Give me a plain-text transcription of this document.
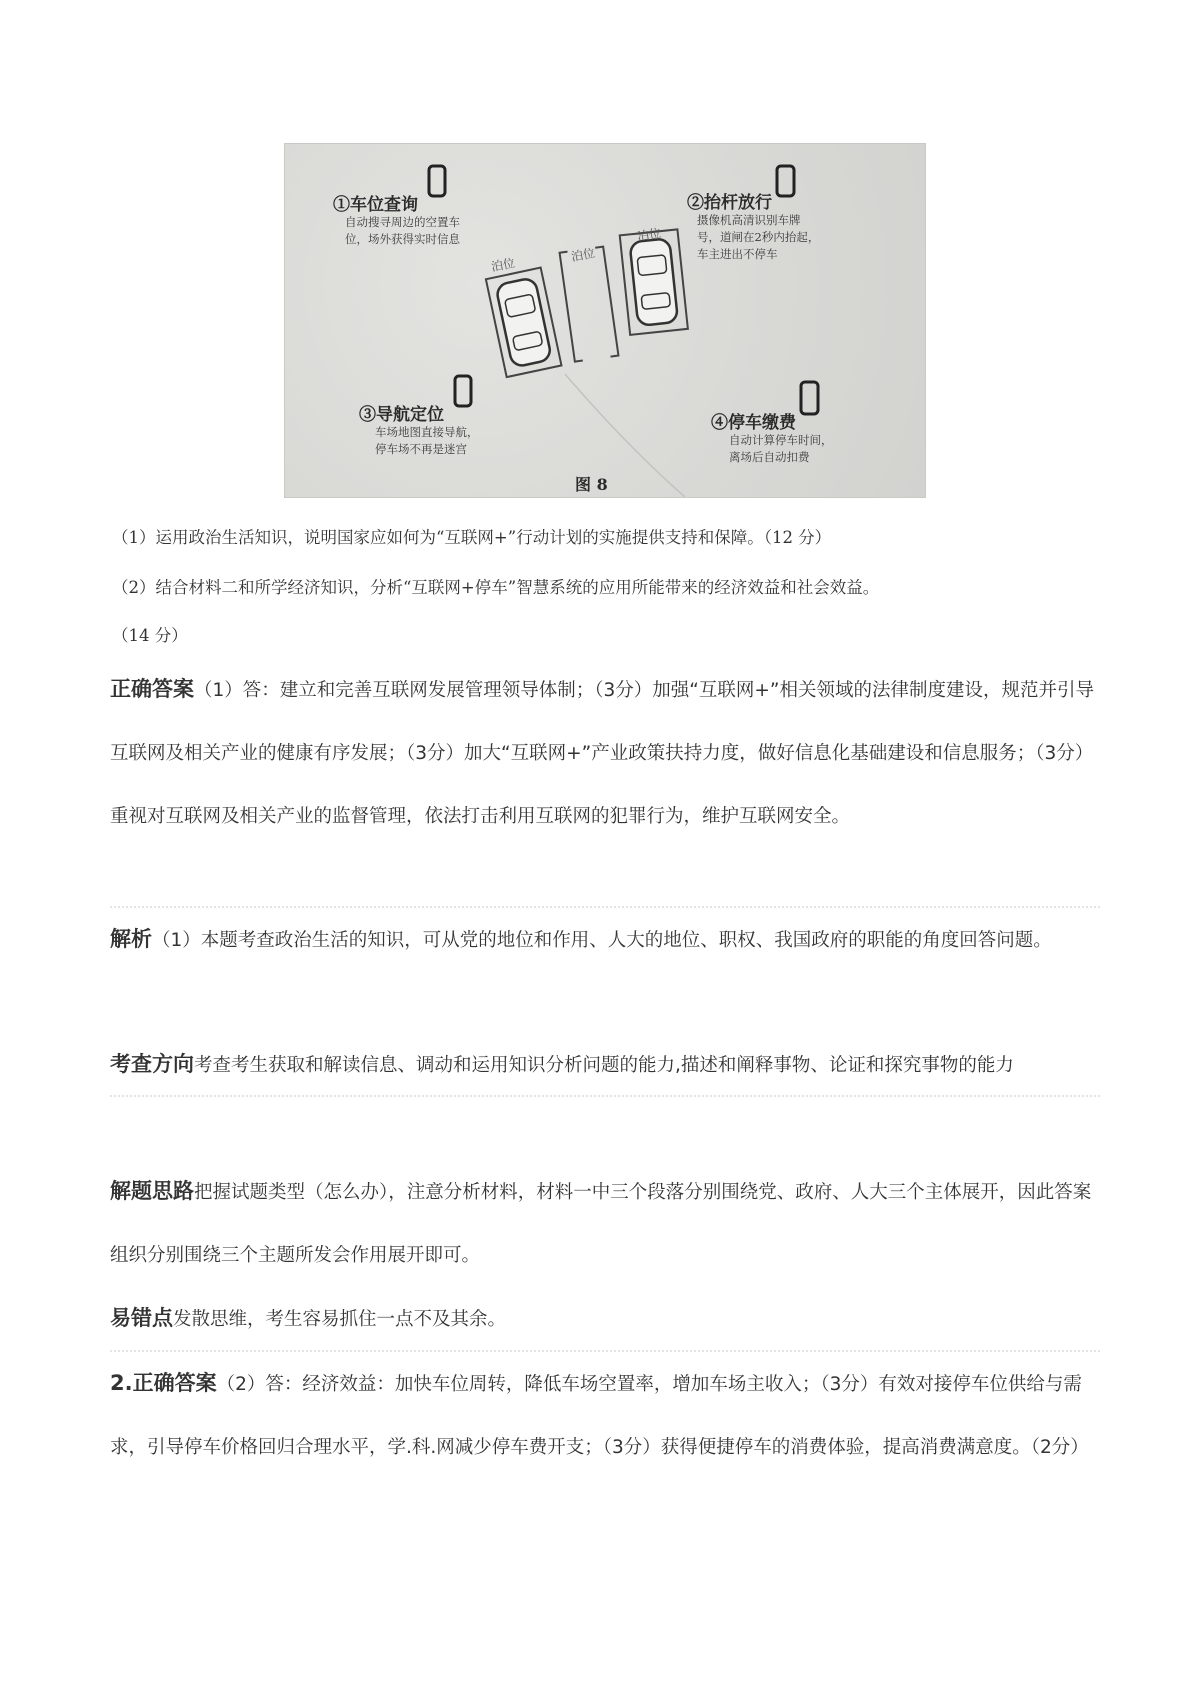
①车位查询
自动搜寻周边的空置车
位，场外获得实时信息
②抬杆放行
摄像机高清识别车牌
号，道闸在2秒内抬起，
车主进出不停车
③导航定位
车场地图直接导航，
停车场不再是迷宫
④停车缴费
自动计算停车时间，
离场后自动扣费
泊位
泊位
泊位
图 8
（1）运用政治生活知识，说明国家应如何为“互联网+”行动计划的实施提供支持和保障。（12 分）
（2）结合材料二和所学经济知识，分析“互联网+停车”智慧系统的应用所能带来的经济效益和社会效益。
（14 分）
正确答案（1）答：建立和完善互联网发展管理领导体制；（3分）加强“互联网+”相关领域的法律制度建设，规范并引导互联网及相关产业的健康有序发展；（3分）加大“互联网+”产业政策扶持力度，做好信息化基础建设和信息服务；（3分）重视对互联网及相关产业的监督管理，依法打击利用互联网的犯罪行为，维护互联网安全。
解析（1）本题考查政治生活的知识，可从党的地位和作用、人大的地位、职权、我国政府的职能的角度回答问题。
考查方向考查考生获取和解读信息、调动和运用知识分析问题的能力,描述和阐释事物、论证和探究事物的能力
解题思路把握试题类型（怎么办），注意分析材料，材料一中三个段落分别围绕党、政府、人大三个主体展开，因此答案组织分别围绕三个主题所发会作用展开即可。
易错点发散思维，考生容易抓住一点不及其余。
2.正确答案（2）答：经济效益：加快车位周转，降低车场空置率，增加车场主收入；（3分）有效对接停车位供给与需求，引导停车价格回归合理水平，学.科.网减少停车费开支；（3分）获得便捷停车的消费体验，提高消费满意度。（2分）
